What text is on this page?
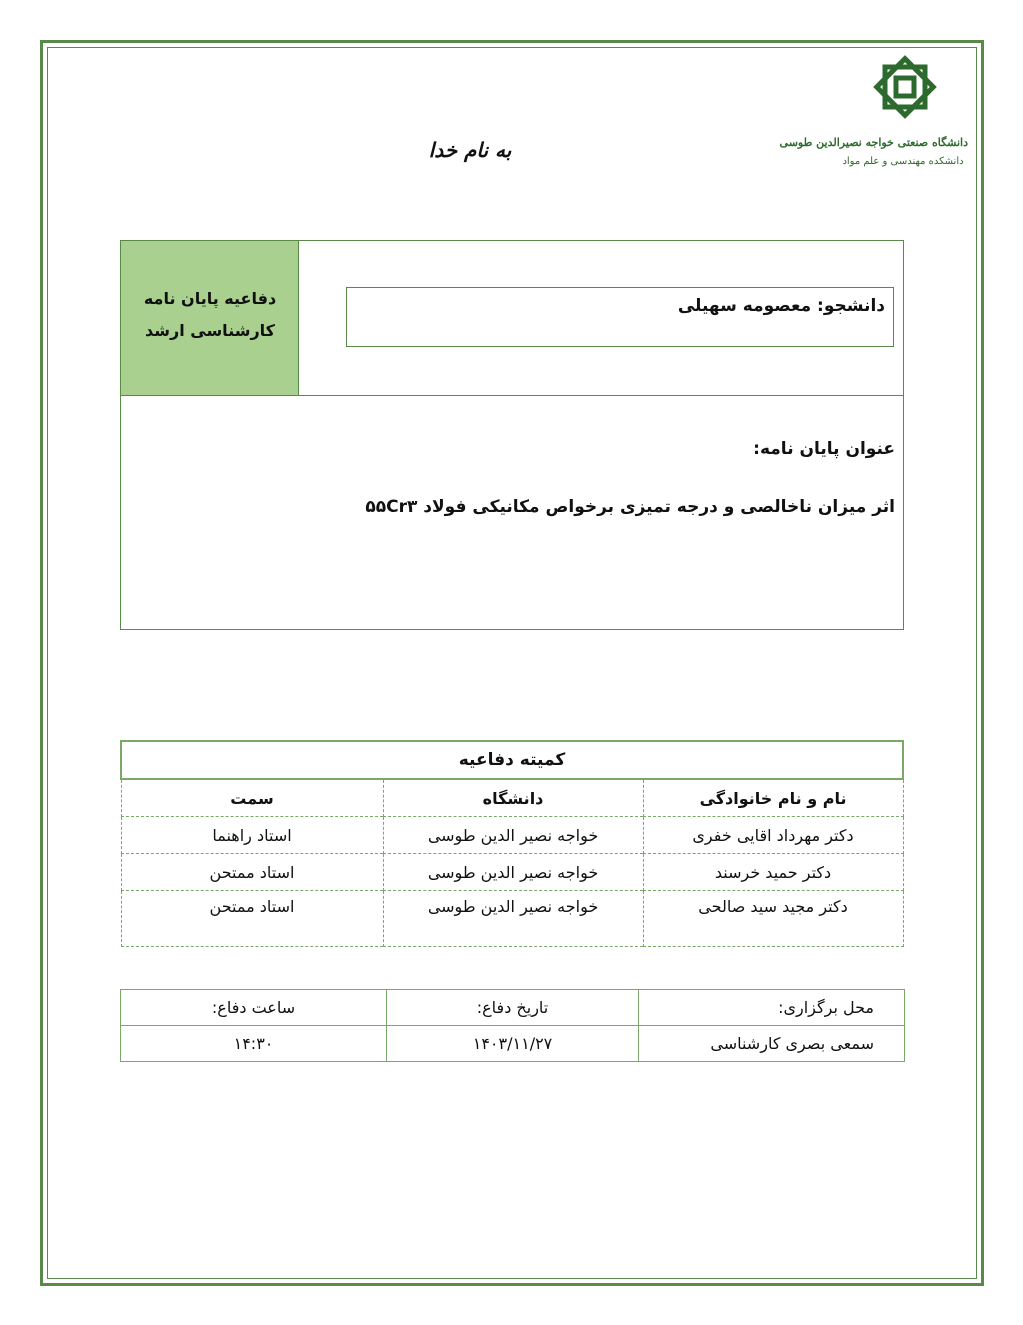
دانشگاه صنعتی خواجه نصیرالدین طوسی
دانشکده مهندسی و علم مواد
به نام خدا
دفاعیه پایان نامه
کارشناسی ارشد
دانشجو: معصومه سهیلی
عنوان پایان نامه:
اثر میزان ناخالصی و درجه تمیزی برخواص مکانیکی فولاد ۵۵Cr۳
کمیته دفاعیه		
نام و نام خانوادگی	دانشگاه	سمت
دکتر مهرداد اقایی خفری	خواجه نصیر الدین طوسی	استاد راهنما
دکتر حمید خرسند	خواجه نصیر الدین طوسی	استاد ممتحن
دکتر مجید سید صالحی	خواجه نصیر الدین طوسی	استاد ممتحن
محل برگزاری:	تاریخ دفاع:	ساعت دفاع:
سمعی بصری کارشناسی	۱۴۰۳/۱۱/۲۷	۱۴:۳۰
